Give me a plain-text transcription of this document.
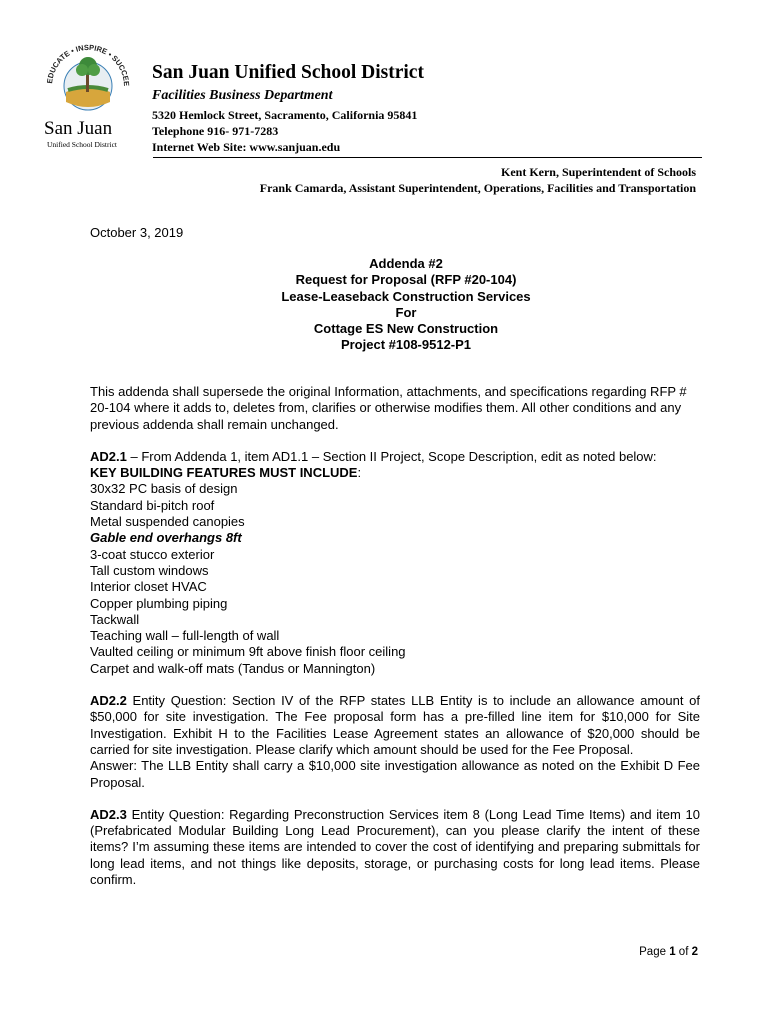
EDUCATE • INSPIRE • SUCCEE
San Juan
Unified School District
San Juan Unified School District
Facilities Business Department
5320 Hemlock Street, Sacramento, California 95841
Telephone 916- 971-7283
Internet Web Site: www.sanjuan.edu
Kent Kern, Superintendent of Schools
Frank Camarda, Assistant Superintendent, Operations, Facilities and Transportation
October 3, 2019
Addenda #2
Request for Proposal (RFP #20-104)
Lease-Leaseback Construction Services
For
Cottage ES New Construction
Project #108-9512-P1

This addenda shall supersede the original Information, attachments, and specifications regarding RFP # 20-104 where it adds to, deletes from, clarifies or otherwise modifies them. All other conditions and any previous addenda shall remain unchanged.

AD2.1 – From Addenda 1, item AD1.1 – Section II Project, Scope Description, edit as noted below:

KEY BUILDING FEATURES MUST INCLUDE:

30x32 PC basis of design
Standard bi-pitch roof
Metal suspended canopies
Gable end overhangs 8ft
3-coat stucco exterior
Tall custom windows
Interior closet HVAC
Copper plumbing piping
Tackwall
Teaching wall – full-length of wall
Vaulted ceiling or minimum 9ft above finish floor ceiling
Carpet and walk-off mats (Tandus or Mannington)

AD2.2 Entity Question: Section IV of the RFP states LLB Entity is to include an allowance amount of $50,000 for site investigation. The Fee proposal form has a pre-filled line item for $10,000 for Site Investigation. Exhibit H to the Facilities Lease Agreement states an allowance of $20,000 should be carried for site investigation. Please clarify which amount should be used for the Fee Proposal.

Answer: The LLB Entity shall carry a $10,000 site investigation allowance as noted on the Exhibit D Fee Proposal.

AD2.3 Entity Question: Regarding Preconstruction Services item 8 (Long Lead Time Items) and item 10 (Prefabricated Modular Building Long Lead Procurement), can you please clarify the intent of these items? I’m assuming these items are intended to cover the cost of identifying and preparing submittals for long lead items, and not things like deposits, storage, or purchasing costs for long lead items. Please confirm.

Page 1 of 2
